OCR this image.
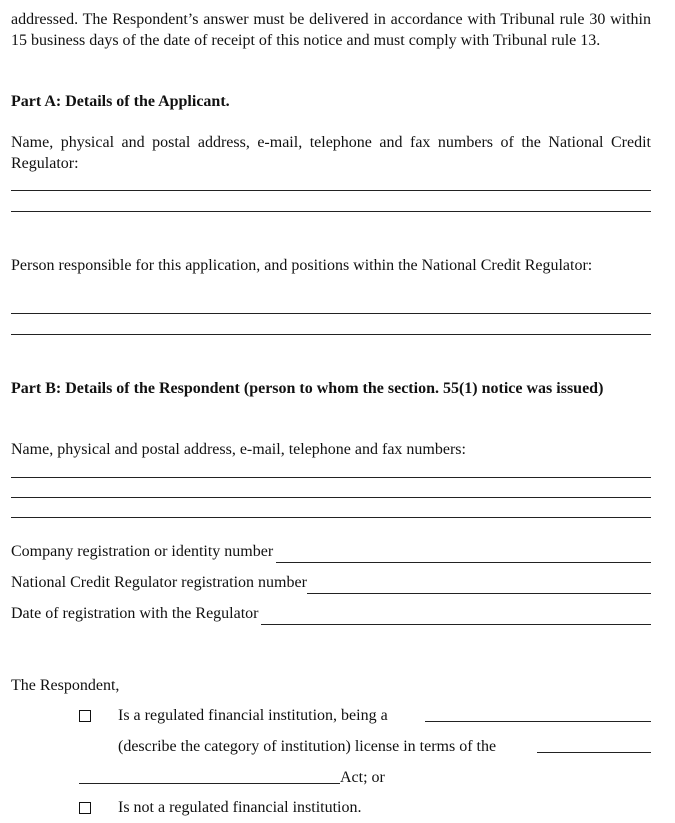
addressed. The Respondent’s answer must be delivered in accordance with Tribunal rule 30 within 15 business days of the date of receipt of this notice and must comply with Tribunal rule 13.

Part A: Details of the Applicant.

Name, physical and postal address, e-mail, telephone and fax numbers of the National Credit Regulator:

Person responsible for this application, and positions within the National Credit Regulator:

Part B: Details of the Respondent (person to whom the section. 55(1) notice was issued)

Name, physical and postal address, e-mail, telephone and fax numbers:

Company registration or identity number
National Credit Regulator registration number
Date of registration with the Regulator

The Respondent,

Is a regulated financial institution, being a
(describe the category of institution) license in terms of the
Act; or
Is not a regulated financial institution.
